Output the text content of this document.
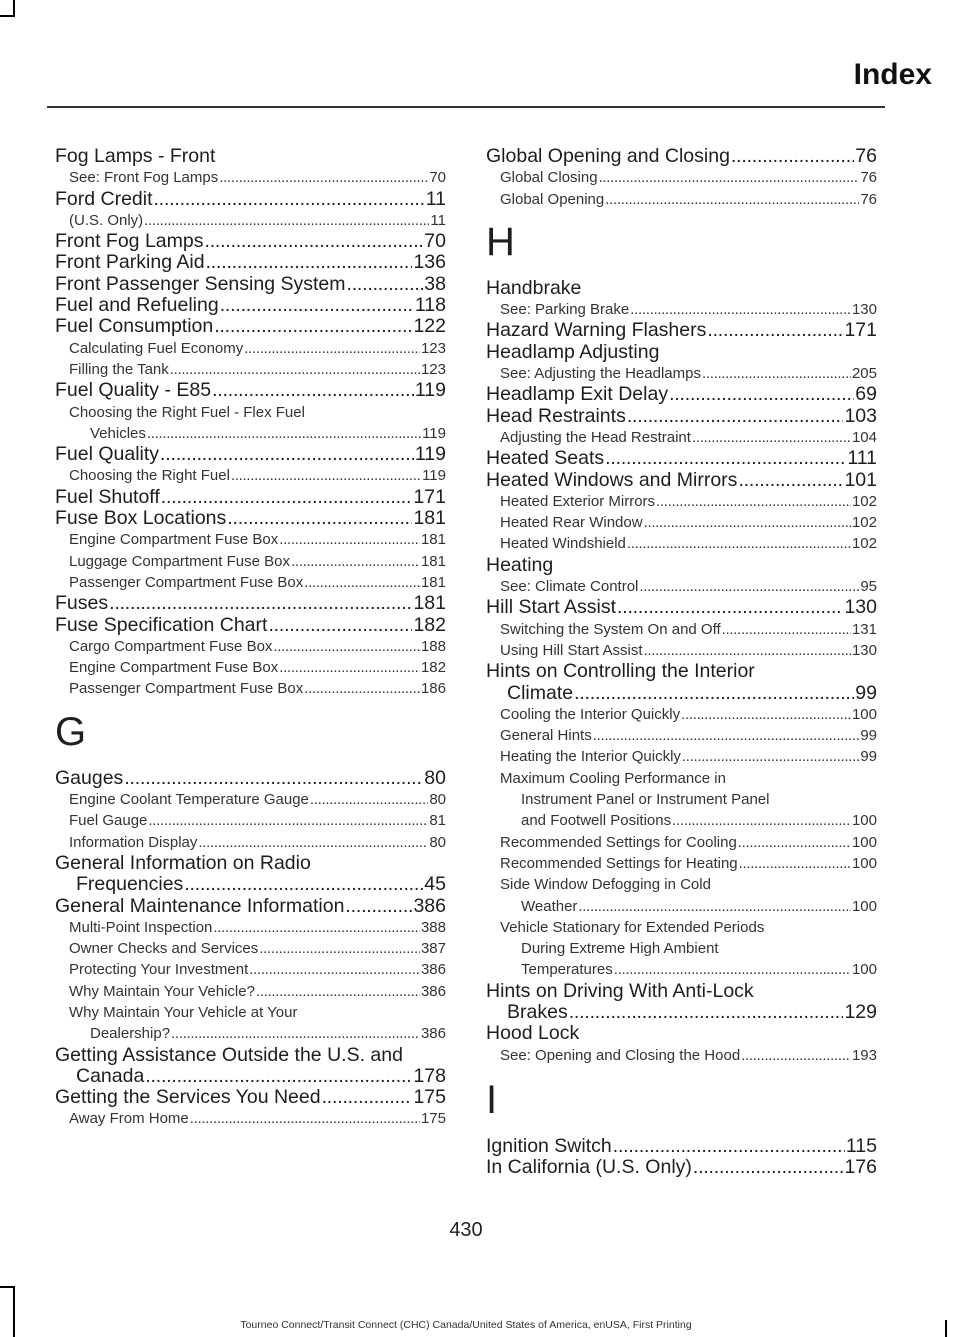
Index
Fog Lamps - Front
See: Front Fog Lamps .....	70
Ford Credit .....	11
(U.S. Only) .....	11
Front Fog Lamps .....	70
Front Parking Aid .....	136
Front Passenger Sensing System .....	38
Fuel and Refueling .....	118
Fuel Consumption .....	122
Calculating Fuel Economy .....	123
Filling the Tank .....	123
Fuel Quality - E85 .....	119
Choosing the Right Fuel - Flex Fuel
Vehicles .....	119
Fuel Quality .....	119
Choosing the Right Fuel .....	119
Fuel Shutoff .....	171
Fuse Box Locations .....	181
Engine Compartment Fuse Box .....	181
Luggage Compartment Fuse Box .....	181
Passenger Compartment Fuse Box .....	181
Fuses .....	181
Fuse Specification Chart .....	182
Cargo Compartment Fuse Box .....	188
Engine Compartment Fuse Box .....	182
Passenger Compartment Fuse Box .....	186
G
Gauges .....	80
Engine Coolant Temperature Gauge .....	80
Fuel Gauge .....	81
Information Display .....	80
General Information on Radio
Frequencies .....	45
General Maintenance Information .....	386
Multi-Point Inspection .....	388
Owner Checks and Services .....	387
Protecting Your Investment .....	386
Why Maintain Your Vehicle? .....	386
Why Maintain Your Vehicle at Your
Dealership? .....	386
Getting Assistance Outside the U.S. and
Canada .....	178
Getting the Services You Need .....	175
Away From Home .....	175
Global Opening and Closing .....	76
Global Closing .....	76
Global Opening .....	76
H
Handbrake
See: Parking Brake .....	130
Hazard Warning Flashers .....	171
Headlamp Adjusting
See: Adjusting the Headlamps .....	205
Headlamp Exit Delay .....	69
Head Restraints .....	103
Adjusting the Head Restraint .....	104
Heated Seats .....	111
Heated Windows and Mirrors .....	101
Heated Exterior Mirrors .....	102
Heated Rear Window .....	102
Heated Windshield .....	102
Heating
See: Climate Control .....	95
Hill Start Assist .....	130
Switching the System On and Off .....	131
Using Hill Start Assist .....	130
Hints on Controlling the Interior
Climate .....	99
Cooling the Interior Quickly .....	100
General Hints .....	99
Heating the Interior Quickly .....	99
Maximum Cooling Performance in
Instrument Panel or Instrument Panel
and Footwell Positions .....	100
Recommended Settings for Cooling .....	100
Recommended Settings for Heating .....	100
Side Window Defogging in Cold
Weather .....	100
Vehicle Stationary for Extended Periods
During Extreme High Ambient
Temperatures .....	100
Hints on Driving With Anti-Lock
Brakes .....	129
Hood Lock
See: Opening and Closing the Hood .....	193
I
Ignition Switch .....	115
In California (U.S. Only) .....	176
430
Tourneo Connect/Transit Connect (CHC) Canada/United States of America, enUSA, First Printing
